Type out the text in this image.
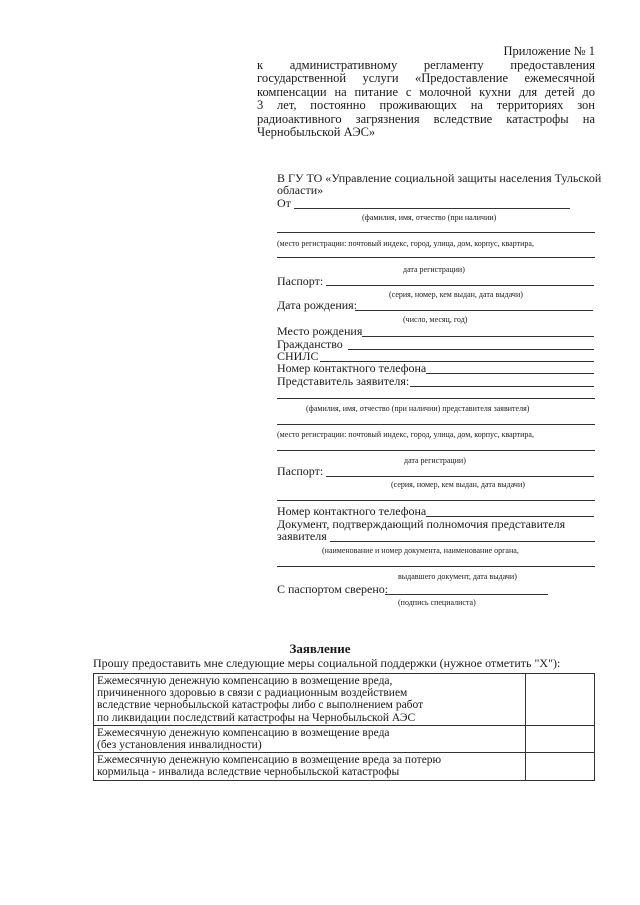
Приложение № 1
к административному регламенту предоставления
государственной услуги «Предоставление ежемесячной
компенсации на питание с молочной кухни для детей до
3 лет, постоянно проживающих на территориях зон
радиоактивного загрязнения вследствие катастрофы на
Чернобыльской АЭС»
В ГУ ТО «Управление социальной защиты населения Тульской
области»
От
(фамилия, имя, отчество (при наличии)
(место регистрации: почтовый индекс, город, улица, дом, корпус, квартира,
дата регистрации)
Паспорт:
(серия, номер, кем выдан, дата выдачи)
Дата рождения:
(число, месяц, год)
Место рождения
Гражданство
СНИЛС
Номер контактного телефона
Представитель заявителя:
(фамилия, имя, отчество (при наличии) представителя заявителя)
(место регистрации: почтовый индекс, город, улица, дом, корпус, квартира,
дата регистрации)
Паспорт:
(серия, номер, кем выдан, дата выдачи)
Номер контактного телефона
Документ, подтверждающий полномочия представителя
заявителя
(наименование и номер документа, наименование органа,
выдавшего документ, дата выдачи)
С паспортом сверено:
(подпись специалиста)
Заявление
Прошу предоставить мне следующие меры социальной поддержки (нужное отметить "X"):
Ежемесячную денежную компенсацию в возмещение вреда,
причиненного здоровью в связи с радиационным воздействием
вследствие чернобыльской катастрофы либо с выполнением работ
по ликвидации последствий катастрофы на Чернобыльской АЭС	

Ежемесячную денежную компенсацию в возмещение вреда
(без установления инвалидности)	

Ежемесячную денежную компенсацию в возмещение вреда за потерю
кормильца - инвалида вследствие чернобыльской катастрофы	
